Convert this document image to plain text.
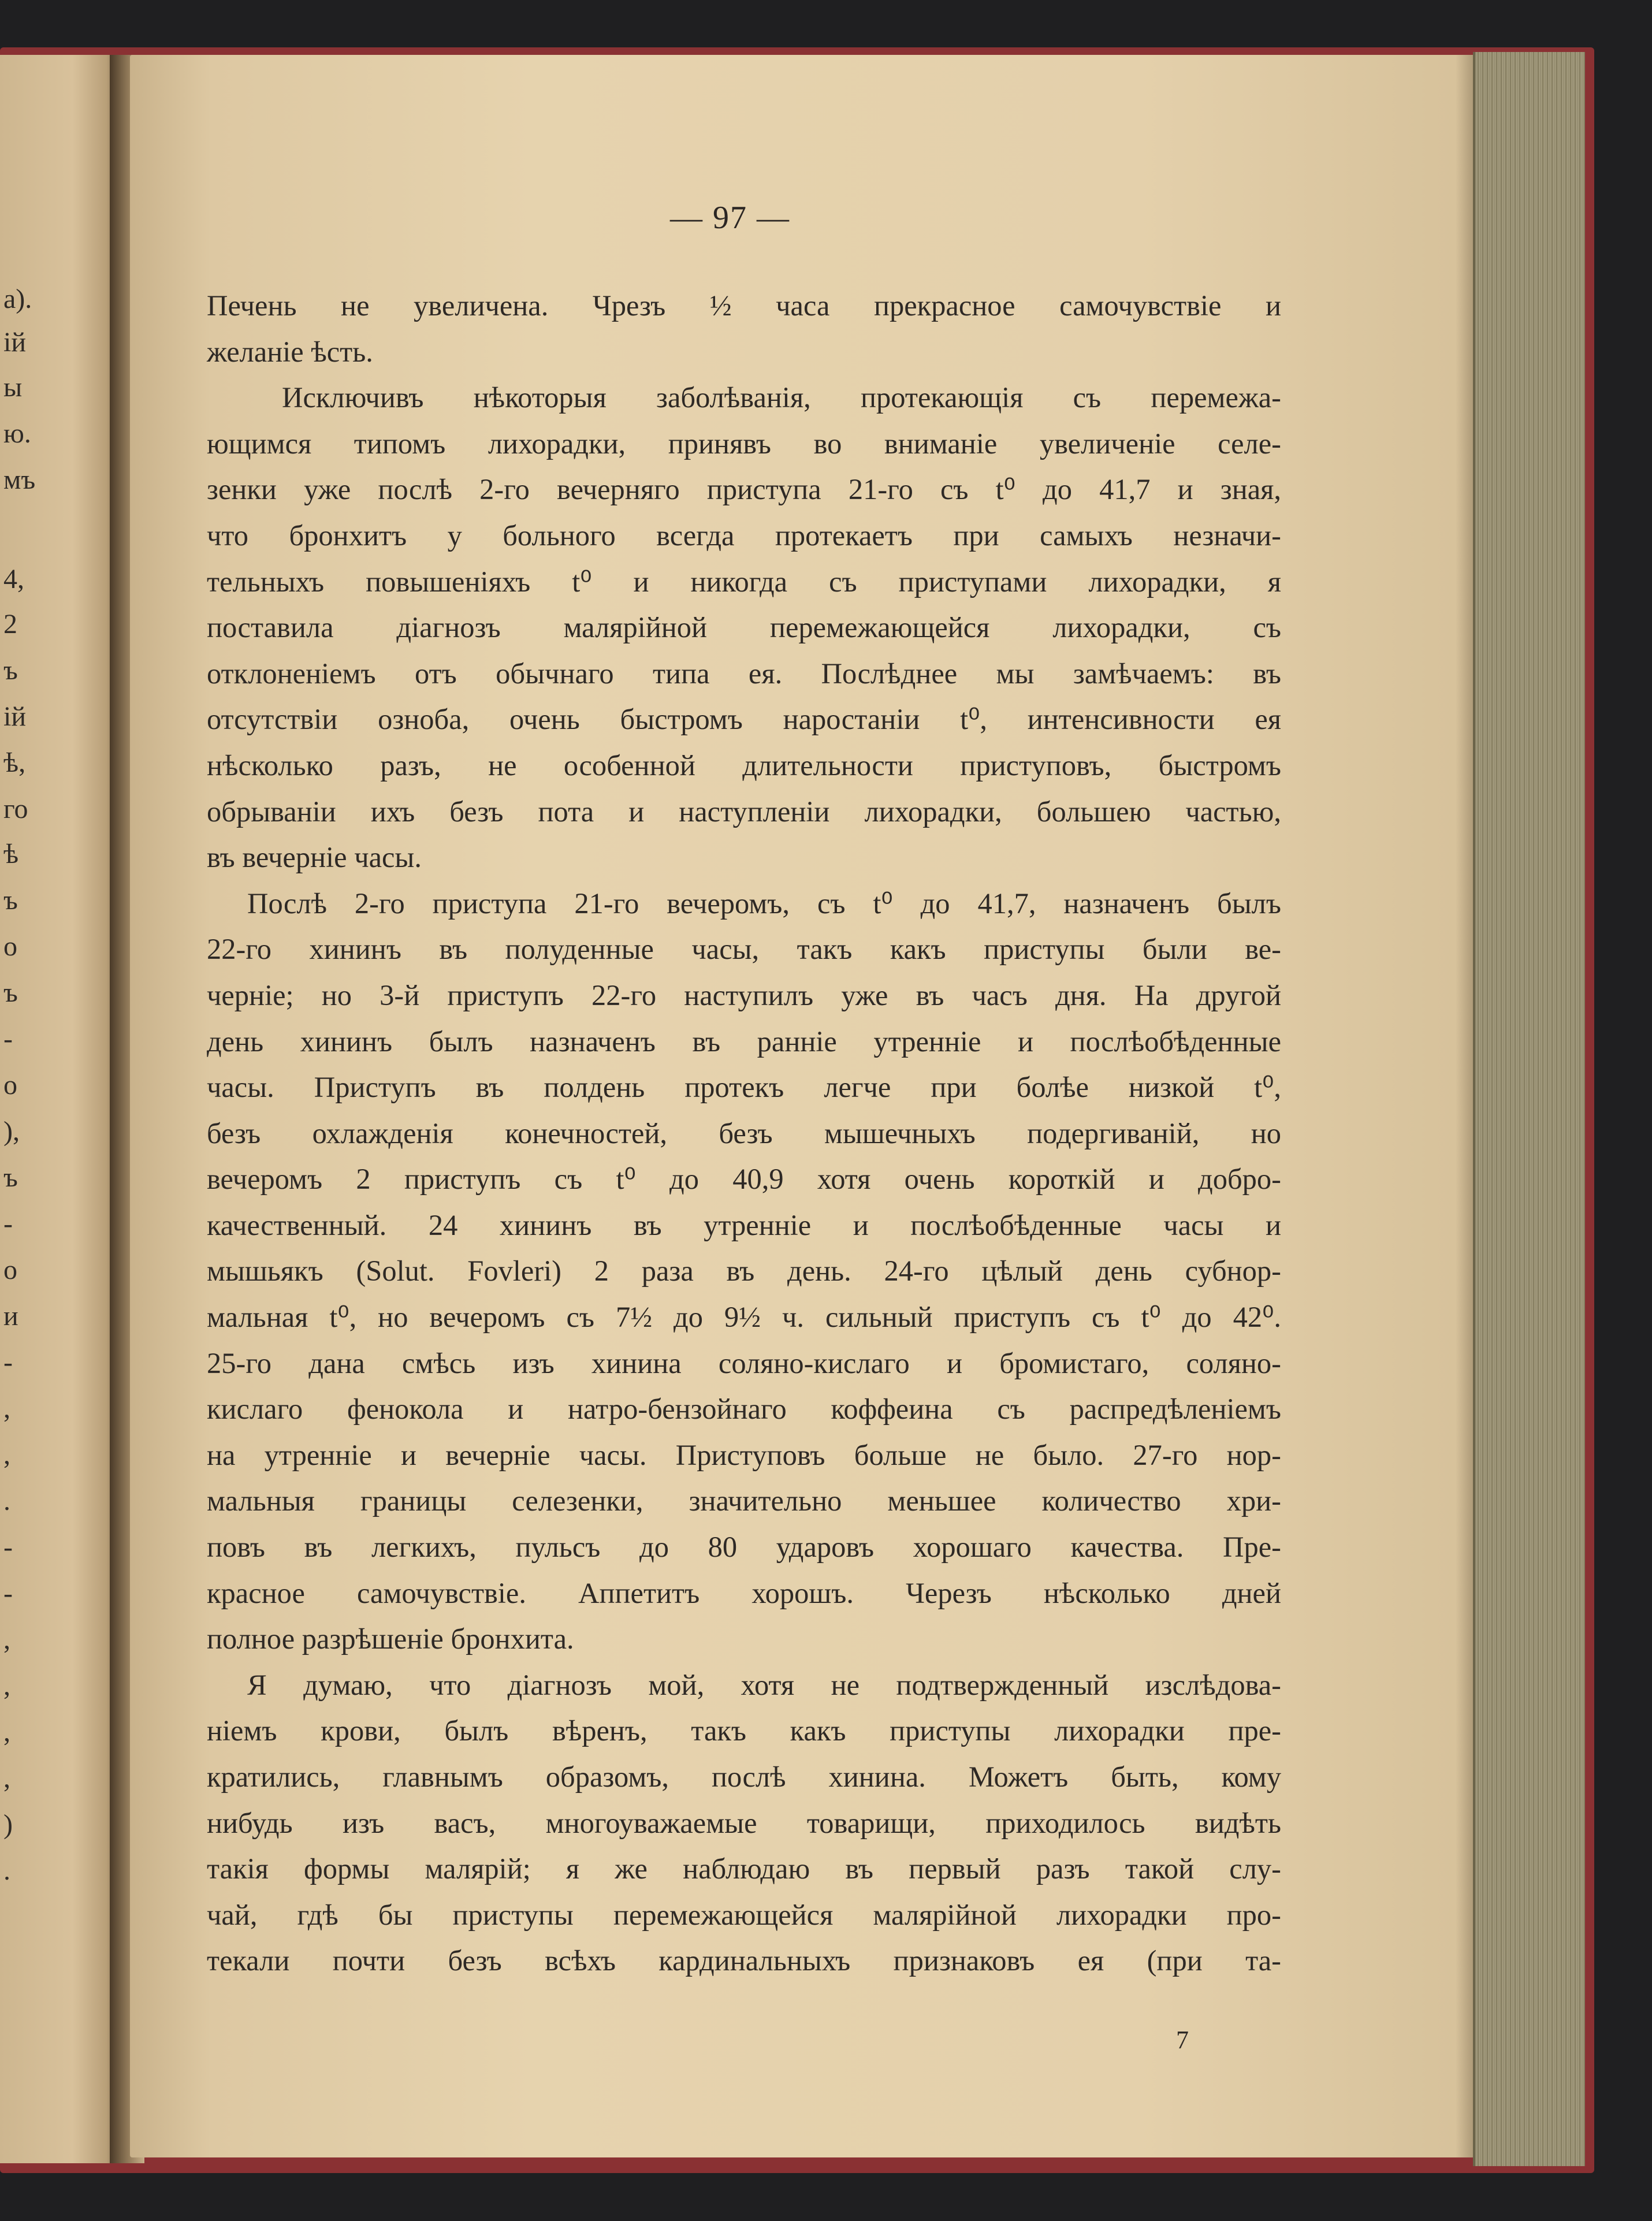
а).
ій
ы
ю.
мъ
4,
2
ъ
ій
ѣ,
го
ѣ
ъ
о
ъ
-
о
),
ъ
-
о
и
-
,
,
.
-
-
,
,
,
,
)
.
— 97 —
Печень не увеличена. Чрезъ ½ часа прекрасное самочувствіе и
желаніе ѣсть.
Исключивъ нѣкоторыя заболѣванія, протекающія съ перемежа-
ющимся типомъ лихорадки, принявъ во вниманіе увеличеніе селе-
зенки уже послѣ 2-го вечерняго приступа 21-го съ t⁰ до 41,7 и зная,
что бронхитъ у больного всегда протекаетъ при самыхъ незначи-
тельныхъ повышеніяхъ t⁰ и никогда съ приступами лихорадки, я
поставила діагнозъ малярійной перемежающейся лихорадки, съ
отклоненіемъ отъ обычнаго типа ея. Послѣднее мы замѣчаемъ: въ
отсутствіи озноба, очень быстромъ наростаніи t⁰, интенсивности ея
нѣсколько разъ, не особенной длительности приступовъ, быстромъ
обрываніи ихъ безъ пота и наступленіи лихорадки, большею частью,
въ вечерніе часы.
Послѣ 2-го приступа 21-го вечеромъ, съ t⁰ до 41,7, назначенъ былъ
22-го хининъ въ полуденные часы, такъ какъ приступы были ве-
черніе; но 3-й приступъ 22-го наступилъ уже въ часъ дня. На другой
день хининъ былъ назначенъ въ ранніе утренніе и послѣобѣденные
часы. Приступъ въ полдень протекъ легче при болѣе низкой t⁰,
безъ охлажденія конечностей, безъ мышечныхъ подергиваній, но
вечеромъ 2 приступъ съ t⁰ до 40,9 хотя очень короткій и добро-
качественный. 24 хининъ въ утренніе и послѣобѣденные часы и
мышьякъ (Solut. Fovleri) 2 раза въ день. 24-го цѣлый день субнор-
мальная t⁰, но вечеромъ съ 7½ до 9½ ч. сильный приступъ съ t⁰ до 42⁰.
25-го дана смѣсь изъ хинина соляно-кислаго и бромистаго, соляно-
кислаго фенокола и натро-бензойнаго коффеина съ распредѣленіемъ
на утренніе и вечерніе часы. Приступовъ больше не было. 27-го нор-
мальныя границы селезенки, значительно меньшее количество хри-
повъ въ легкихъ, пульсъ до 80 ударовъ хорошаго качества. Пре-
красное самочувствіе. Аппетитъ хорошъ. Черезъ нѣсколько дней
полное разрѣшеніе бронхита.
Я думаю, что діагнозъ мой, хотя не подтвержденный изслѣдова-
ніемъ крови, былъ вѣренъ, такъ какъ приступы лихорадки пре-
кратились, главнымъ образомъ, послѣ хинина. Можетъ быть, кому
нибудь изъ васъ, многоуважаемые товарищи, приходилось видѣть
такія формы малярій; я же наблюдаю въ первый разъ такой слу-
чай, гдѣ бы приступы перемежающейся малярійной лихорадки про-
текали почти безъ всѣхъ кардинальныхъ признаковъ ея (при та-
7
